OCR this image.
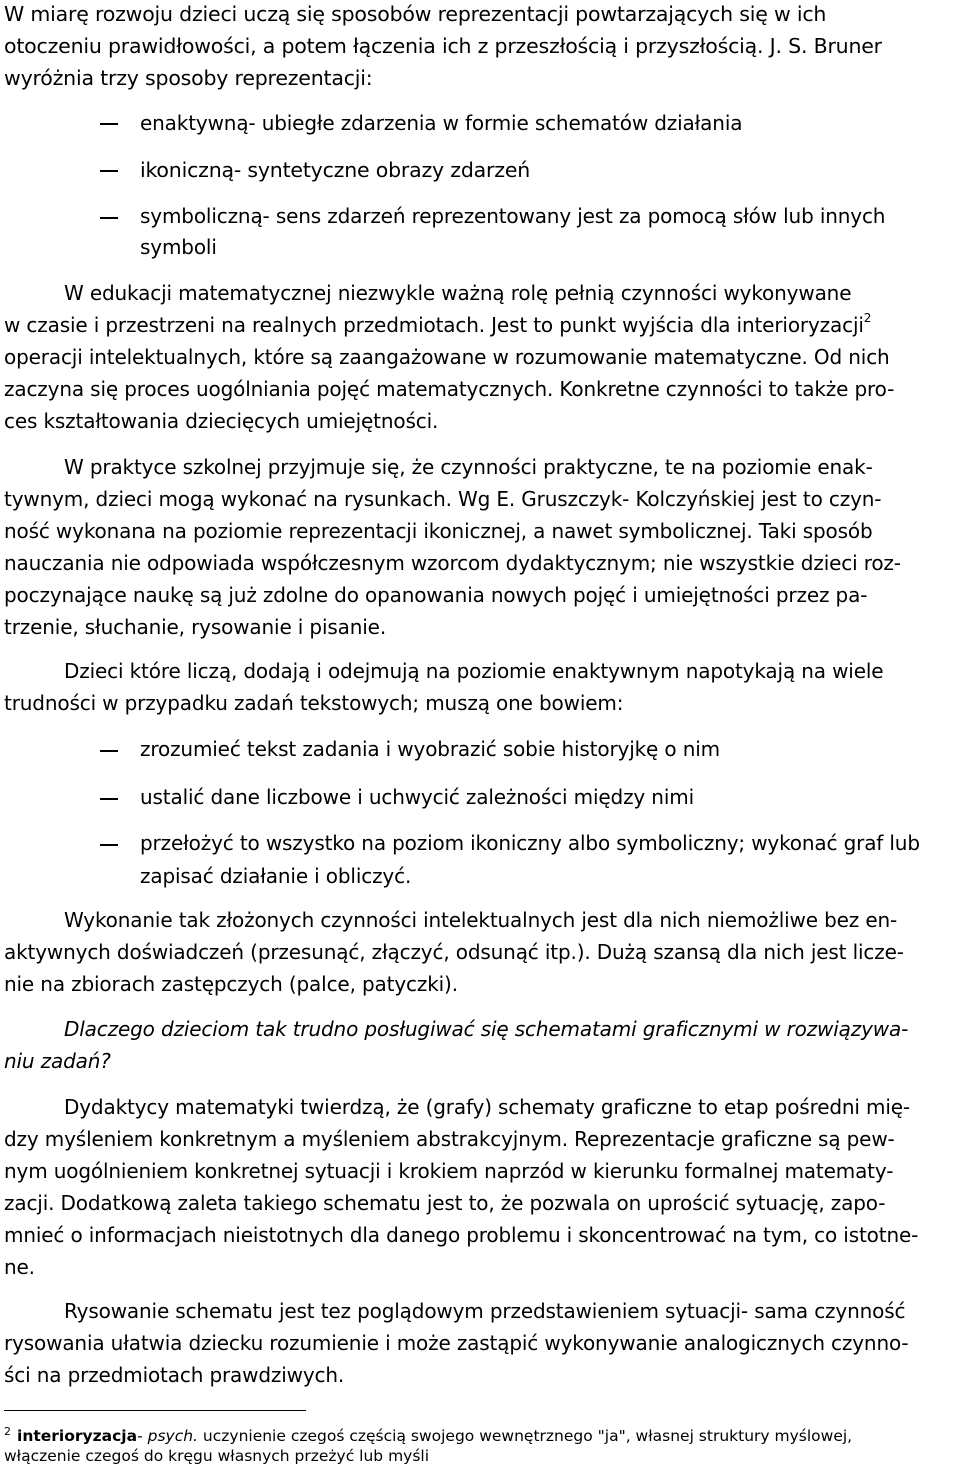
W miarę rozwoju dzieci uczą się sposobów reprezentacji powtarzających się w ich
otoczeniu prawidłowości, a potem łączenia ich z przeszłością i przyszłością. J. S. Bruner
wyróżnia trzy sposoby reprezentacji:
enaktywną- ubiegłe zdarzenia w formie schematów działania
ikoniczną- syntetyczne obrazy zdarzeń
symboliczną- sens zdarzeń reprezentowany jest za pomocą słów lub innych
symboli
W edukacji matematycznej niezwykle ważną rolę pełnią czynności wykonywane
w czasie i przestrzeni na realnych przedmiotach. Jest to punkt wyjścia dla interioryzacji$^2$
operacji intelektualnych, które są zaangażowane w rozumowanie matematyczne. Od nich
zaczyna się proces uogólniania pojęć matematycznych. Konkretne czynności to także pro-
ces kształtowania dziecięcych umiejętności.
W praktyce szkolnej przyjmuje się, że czynności praktyczne, te na poziomie enak-
tywnym, dzieci mogą wykonać na rysunkach. Wg E. Gruszczyk- Kolczyńskiej jest to czyn-
ność wykonana na poziomie reprezentacji ikonicznej, a nawet symbolicznej. Taki sposób
nauczania nie odpowiada współczesnym wzorcom dydaktycznym; nie wszystkie dzieci roz-
poczynające naukę są już zdolne do opanowania nowych pojęć i umiejętności przez pa-
trzenie, słuchanie, rysowanie i pisanie.
Dzieci które liczą, dodają i odejmują na poziomie enaktywnym napotykają na wiele
trudności w przypadku zadań tekstowych; muszą one bowiem:
zrozumieć tekst zadania i wyobrazić sobie historyjkę o nim
ustalić dane liczbowe i uchwycić zależności między nimi
przełożyć to wszystko na poziom ikoniczny albo symboliczny; wykonać graf lub
zapisać działanie i obliczyć.
Wykonanie tak złożonych czynności intelektualnych jest dla nich niemożliwe bez en-
aktywnych doświadczeń (przesunąć, złączyć, odsunąć itp.). Dużą szansą dla nich jest licze-
nie na zbiorach zastępczych (palce, patyczki).
Dlaczego dzieciom tak trudno posługiwać się schematami graficznymi w rozwiązywa-
niu zadań?
Dydaktycy matematyki twierdzą, że (grafy) schematy graficzne to etap pośredni mię-
dzy myśleniem konkretnym a myśleniem abstrakcyjnym. Reprezentacje graficzne są pew-
nym uogólnieniem konkretnej sytuacji i krokiem naprzód w kierunku formalnej matematy-
zacji. Dodatkową zaleta takiego schematu jest to, że pozwala on uprościć sytuację, zapo-
mnieć o informacjach nieistotnych dla danego problemu i skoncentrować na tym, co istotne-
ne.
Rysowanie schematu jest tez poglądowym przedstawieniem sytuacji- sama czynność
rysowania ułatwia dziecku rozumienie i może zastąpić wykonywanie analogicznych czynno-
ści na przedmiotach prawdziwych.
$^2$ interioryzacja- psych. uczynienie czegoś częścią swojego wewnętrznego "ja", własnej struktury myślowej,
włączenie czegoś do kręgu własnych przeżyć lub myśli
